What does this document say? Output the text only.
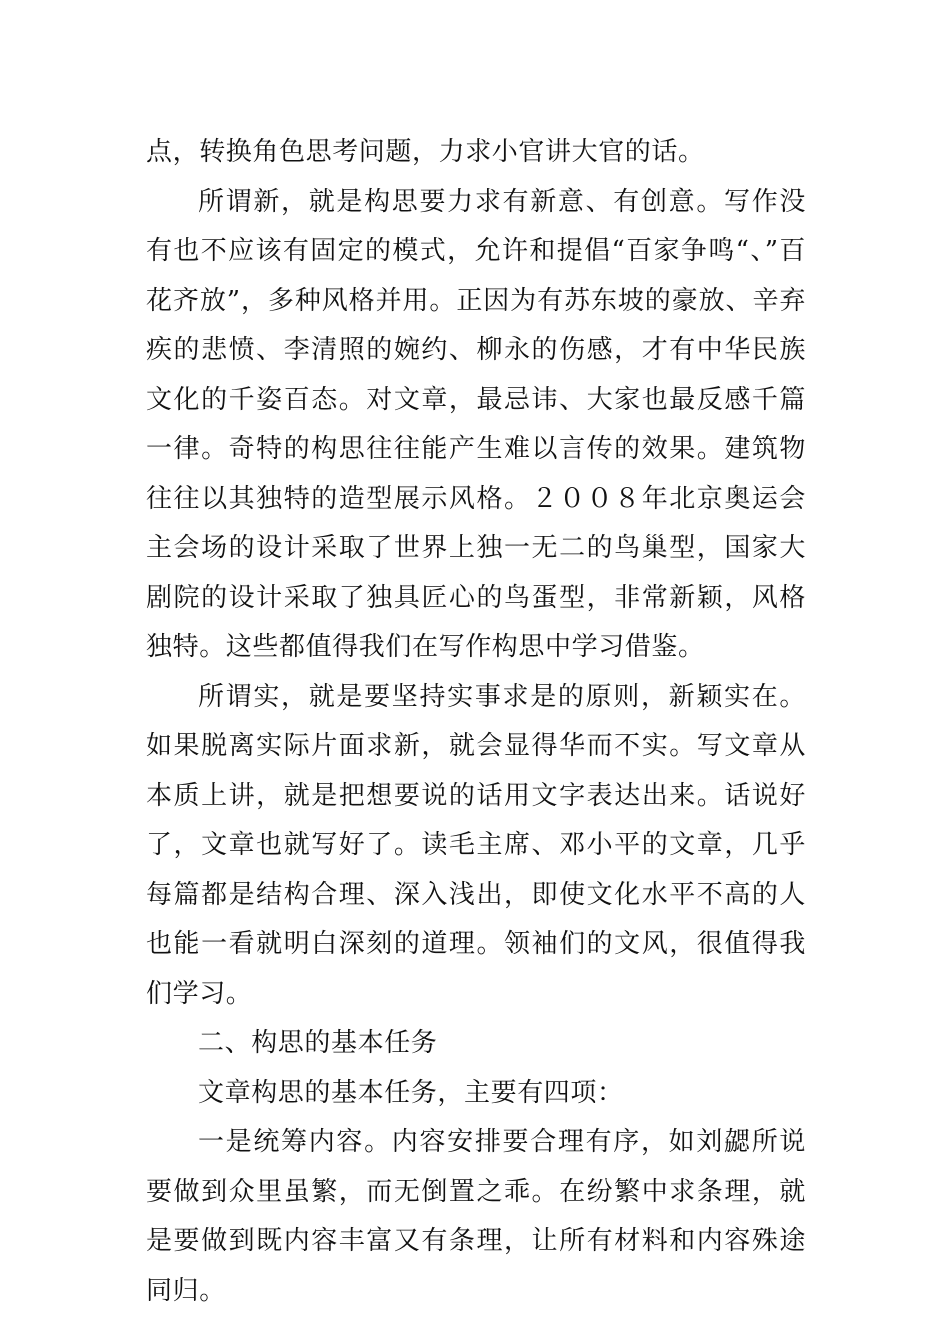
点，转换角色思考问题，力求小官讲大官的话。

所谓新，就是构思要力求有新意、有创意。写作没有也不应该有固定的模式，允许和提倡“百家争鸣“、”百花齐放”，多种风格并用。正因为有苏东坡的豪放、辛弃疾的悲愤、李清照的婉约、柳永的伤感，才有中华民族文化的千姿百态。对文章，最忌讳、大家也最反感千篇一律。奇特的构思往往能产生难以言传的效果。建筑物往往以其独特的造型展示风格。２００８年北京奥运会主会场的设计采取了世界上独一无二的鸟巢型，国家大剧院的设计采取了独具匠心的鸟蛋型，非常新颖，风格独特。这些都值得我们在写作构思中学习借鉴。

所谓实，就是要坚持实事求是的原则，新颖实在。如果脱离实际片面求新，就会显得华而不实。写文章从本质上讲，就是把想要说的话用文字表达出来。话说好了，文章也就写好了。读毛主席、邓小平的文章，几乎每篇都是结构合理、深入浅出，即使文化水平不高的人也能一看就明白深刻的道理。领袖们的文风，很值得我们学习。

二、构思的基本任务

文章构思的基本任务，主要有四项：

一是统筹内容。内容安排要合理有序，如刘勰所说要做到众里虽繁，而无倒置之乖。在纷繁中求条理，就是要做到既内容丰富又有条理，让所有材料和内容殊途同归。
